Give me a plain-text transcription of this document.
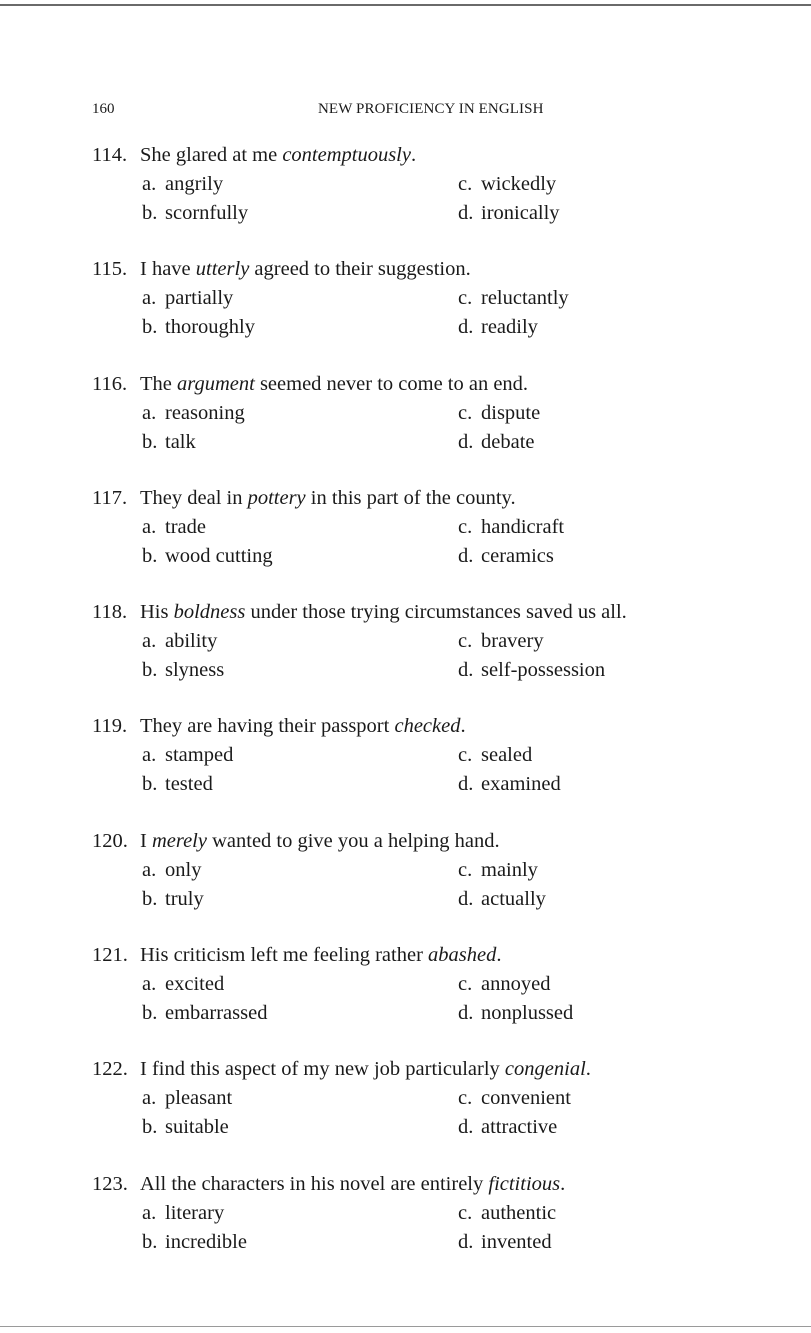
160	NEW PROFICIENCY IN ENGLISH
114. She glared at me contemptuously.
a. angrily
b. scornfully
c. wickedly
d. ironically
115. I have utterly agreed to their suggestion.
a. partially
b. thoroughly
c. reluctantly
d. readily
116. The argument seemed never to come to an end.
a. reasoning
b. talk
c. dispute
d. debate
117. They deal in pottery in this part of the county.
a. trade
b. wood cutting
c. handicraft
d. ceramics
118. His boldness under those trying circumstances saved us all.
a. ability
b. slyness
c. bravery
d. self-possession
119. They are having their passport checked.
a. stamped
b. tested
c. sealed
d. examined
120. I merely wanted to give you a helping hand.
a. only
b. truly
c. mainly
d. actually
121. His criticism left me feeling rather abashed.
a. excited
b. embarrassed
c. annoyed
d. nonplussed
122. I find this aspect of my new job particularly congenial.
a. pleasant
b. suitable
c. convenient
d. attractive
123. All the characters in his novel are entirely fictitious.
a. literary
b. incredible
c. authentic
d. invented
